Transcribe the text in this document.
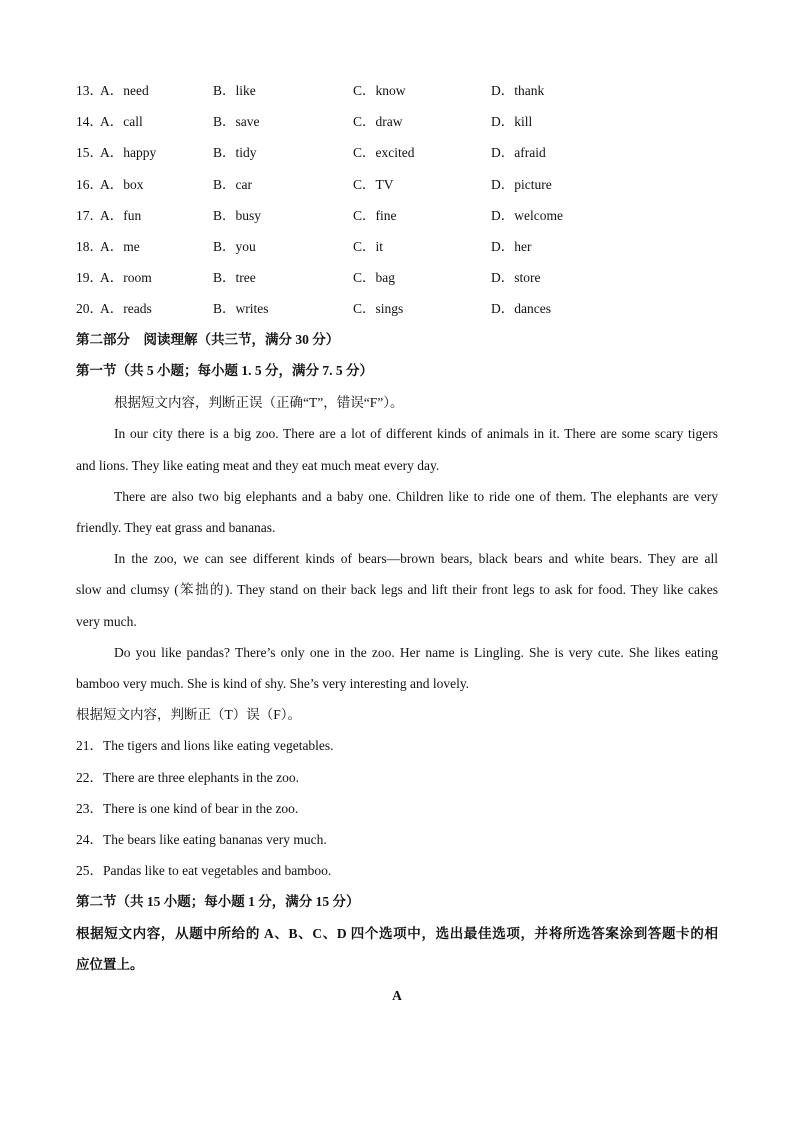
13．
A．need	B．like	C．know	D．thank
14．
A．call	B．save	C．draw	D．kill
15．
A．happy	B．tidy	C．excited	D．afraid
16．
A．box	B．car	C．TV	D．picture
17．
A．fun	B．busy	C．fine	D．welcome
18．
A．me	B．you	C．it	D．her
19．
A．room	B．tree	C．bag	D．store
20．
A．reads	B．writes	C．sings	D．dances
第二部分　阅读理解（共三节，满分 30 分）
第一节（共 5 小题；每小题 1. 5 分，满分 7. 5 分）
根据短文内容，判断正误（正确“T”，错误“F”）。
In our city there is a big zoo. There are a lot of different kinds of animals in it. There are some scary tigers
and lions. They like eating meat and they eat much meat every day.
There are also two big elephants and a baby one. Children like to ride one of them. The elephants are very
friendly. They eat grass and bananas.
In the zoo, we can see different kinds of bears—brown bears, black bears and white bears. They are all
slow and clumsy (笨拙的). They stand on their back legs and lift their front legs to ask for food. They like cakes
very much.
Do you like pandas? There’s only one in the zoo. Her name is Lingling. She is very cute. She likes eating
bamboo very much. She is kind of shy. She’s very interesting and lovely.
根据短文内容，判断正（T）误（F）。
21．The tigers and lions like eating vegetables.
22．There are three elephants in the zoo.
23．There is one kind of bear in the zoo.
24．The bears like eating bananas very much.
25．Pandas like to eat vegetables and bamboo.
第二节（共 15 小题；每小题 1 分，满分 15 分）
根据短文内容，从题中所给的 A、B、C、D 四个选项中，选出最佳选项，并将所选答案涂到答题卡的相
应位置上。
A
